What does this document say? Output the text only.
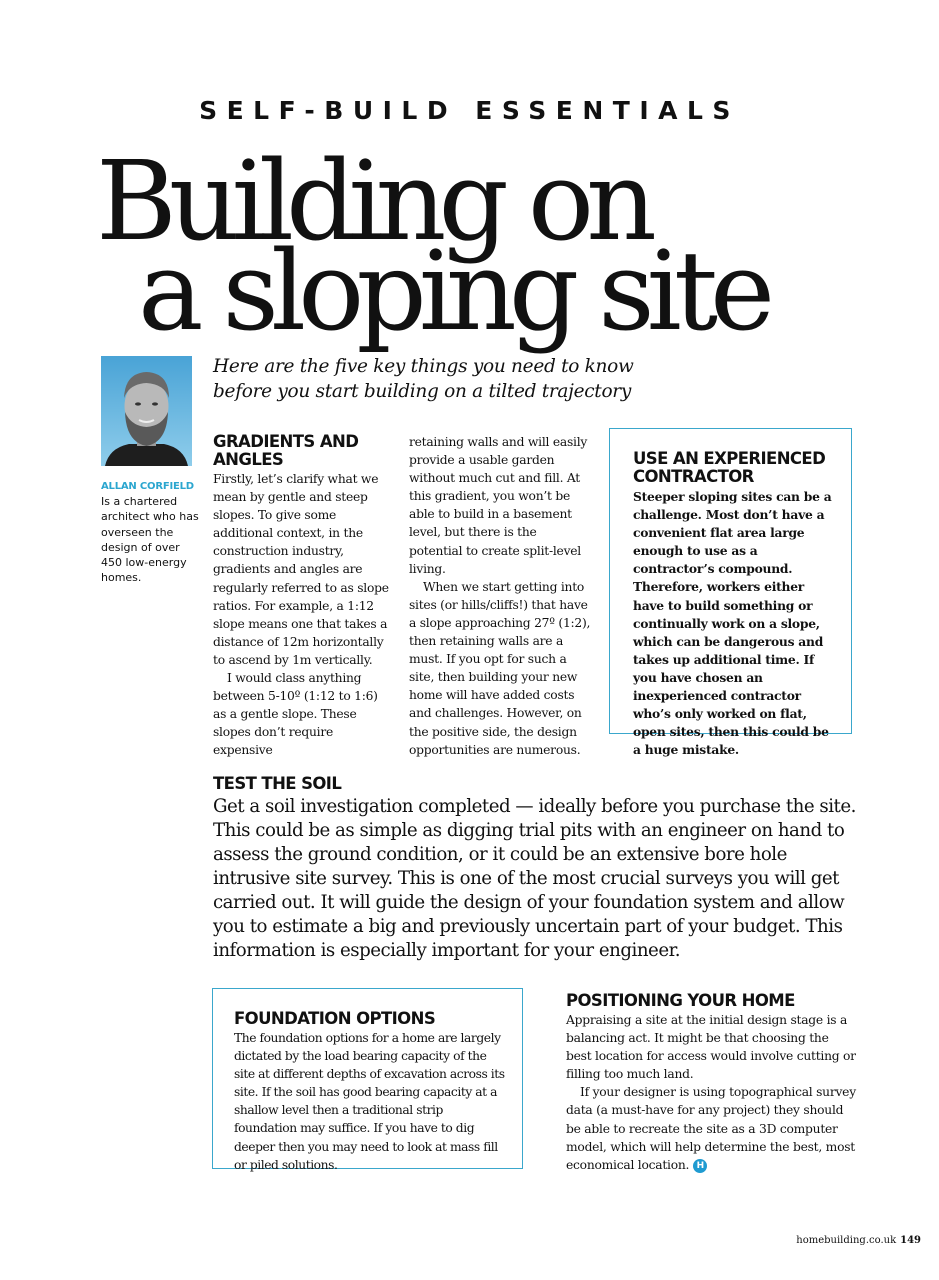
SELF-BUILD ESSENTIALS
Building on
a sloping site

ALLAN CORFIELD

Is a chartered architect who has overseen the design of over 450 low-energy homes.

Here are the five key things you need to know before you start building on a tilted trajectory

GRADIENTS AND ANGLES

Firstly, let’s clarify what we mean by gentle and steep slopes. To give some additional context, in the construction industry, gradients and angles are regularly referred to as slope ratios. For example, a 1:12 slope means one that takes a distance of 12m horizontally to ascend by 1m vertically.

I would class anything between 5-10º (1:12 to 1:6) as a gentle slope. These slopes don’t require expensive

retaining walls and will easily provide a usable garden without much cut and fill. At this gradient, you won’t be able to build in a basement level, but there is the potential to create split-level living.

When we start getting into sites (or hills/cliffs!) that have a slope approaching 27º (1:2), then retaining walls are a must. If you opt for such a site, then building your new home will have added costs and challenges. However, on the positive side, the design opportunities are numerous.

USE AN EXPERIENCED CONTRACTOR

Steeper sloping sites can be a challenge. Most don’t have a convenient flat area large enough to use as a contractor’s compound. Therefore, workers either have to build something or continually work on a slope, which can be dangerous and takes up additional time. If you have chosen an inexperienced contractor who’s only worked on flat, open sites, then this could be a huge mistake.

TEST THE SOIL

Get a soil investigation completed — ideally before you purchase the site. This could be as simple as digging trial pits with an engineer on hand to assess the ground condition, or it could be an extensive bore hole intrusive site survey. This is one of the most crucial surveys you will get carried out. It will guide the design of your foundation system and allow you to estimate a big and previously uncertain part of your budget. This information is especially important for your engineer.

FOUNDATION OPTIONS

The foundation options for a home are largely dictated by the load bearing capacity of the site at different depths of excavation across its site. If the soil has good bearing capacity at a shallow level then a traditional strip foundation may suffice. If you have to dig deeper then you may need to look at mass fill or piled solutions.

POSITIONING YOUR HOME

Appraising a site at the initial design stage is a balancing act. It might be that choosing the best location for access would involve cutting or filling too much land.

If your designer is using topographical survey data (a must-have for any project) they should be able to recreate the site as a 3D computer model, which will help determine the best, most economical location. H

homebuilding.co.uk 149
